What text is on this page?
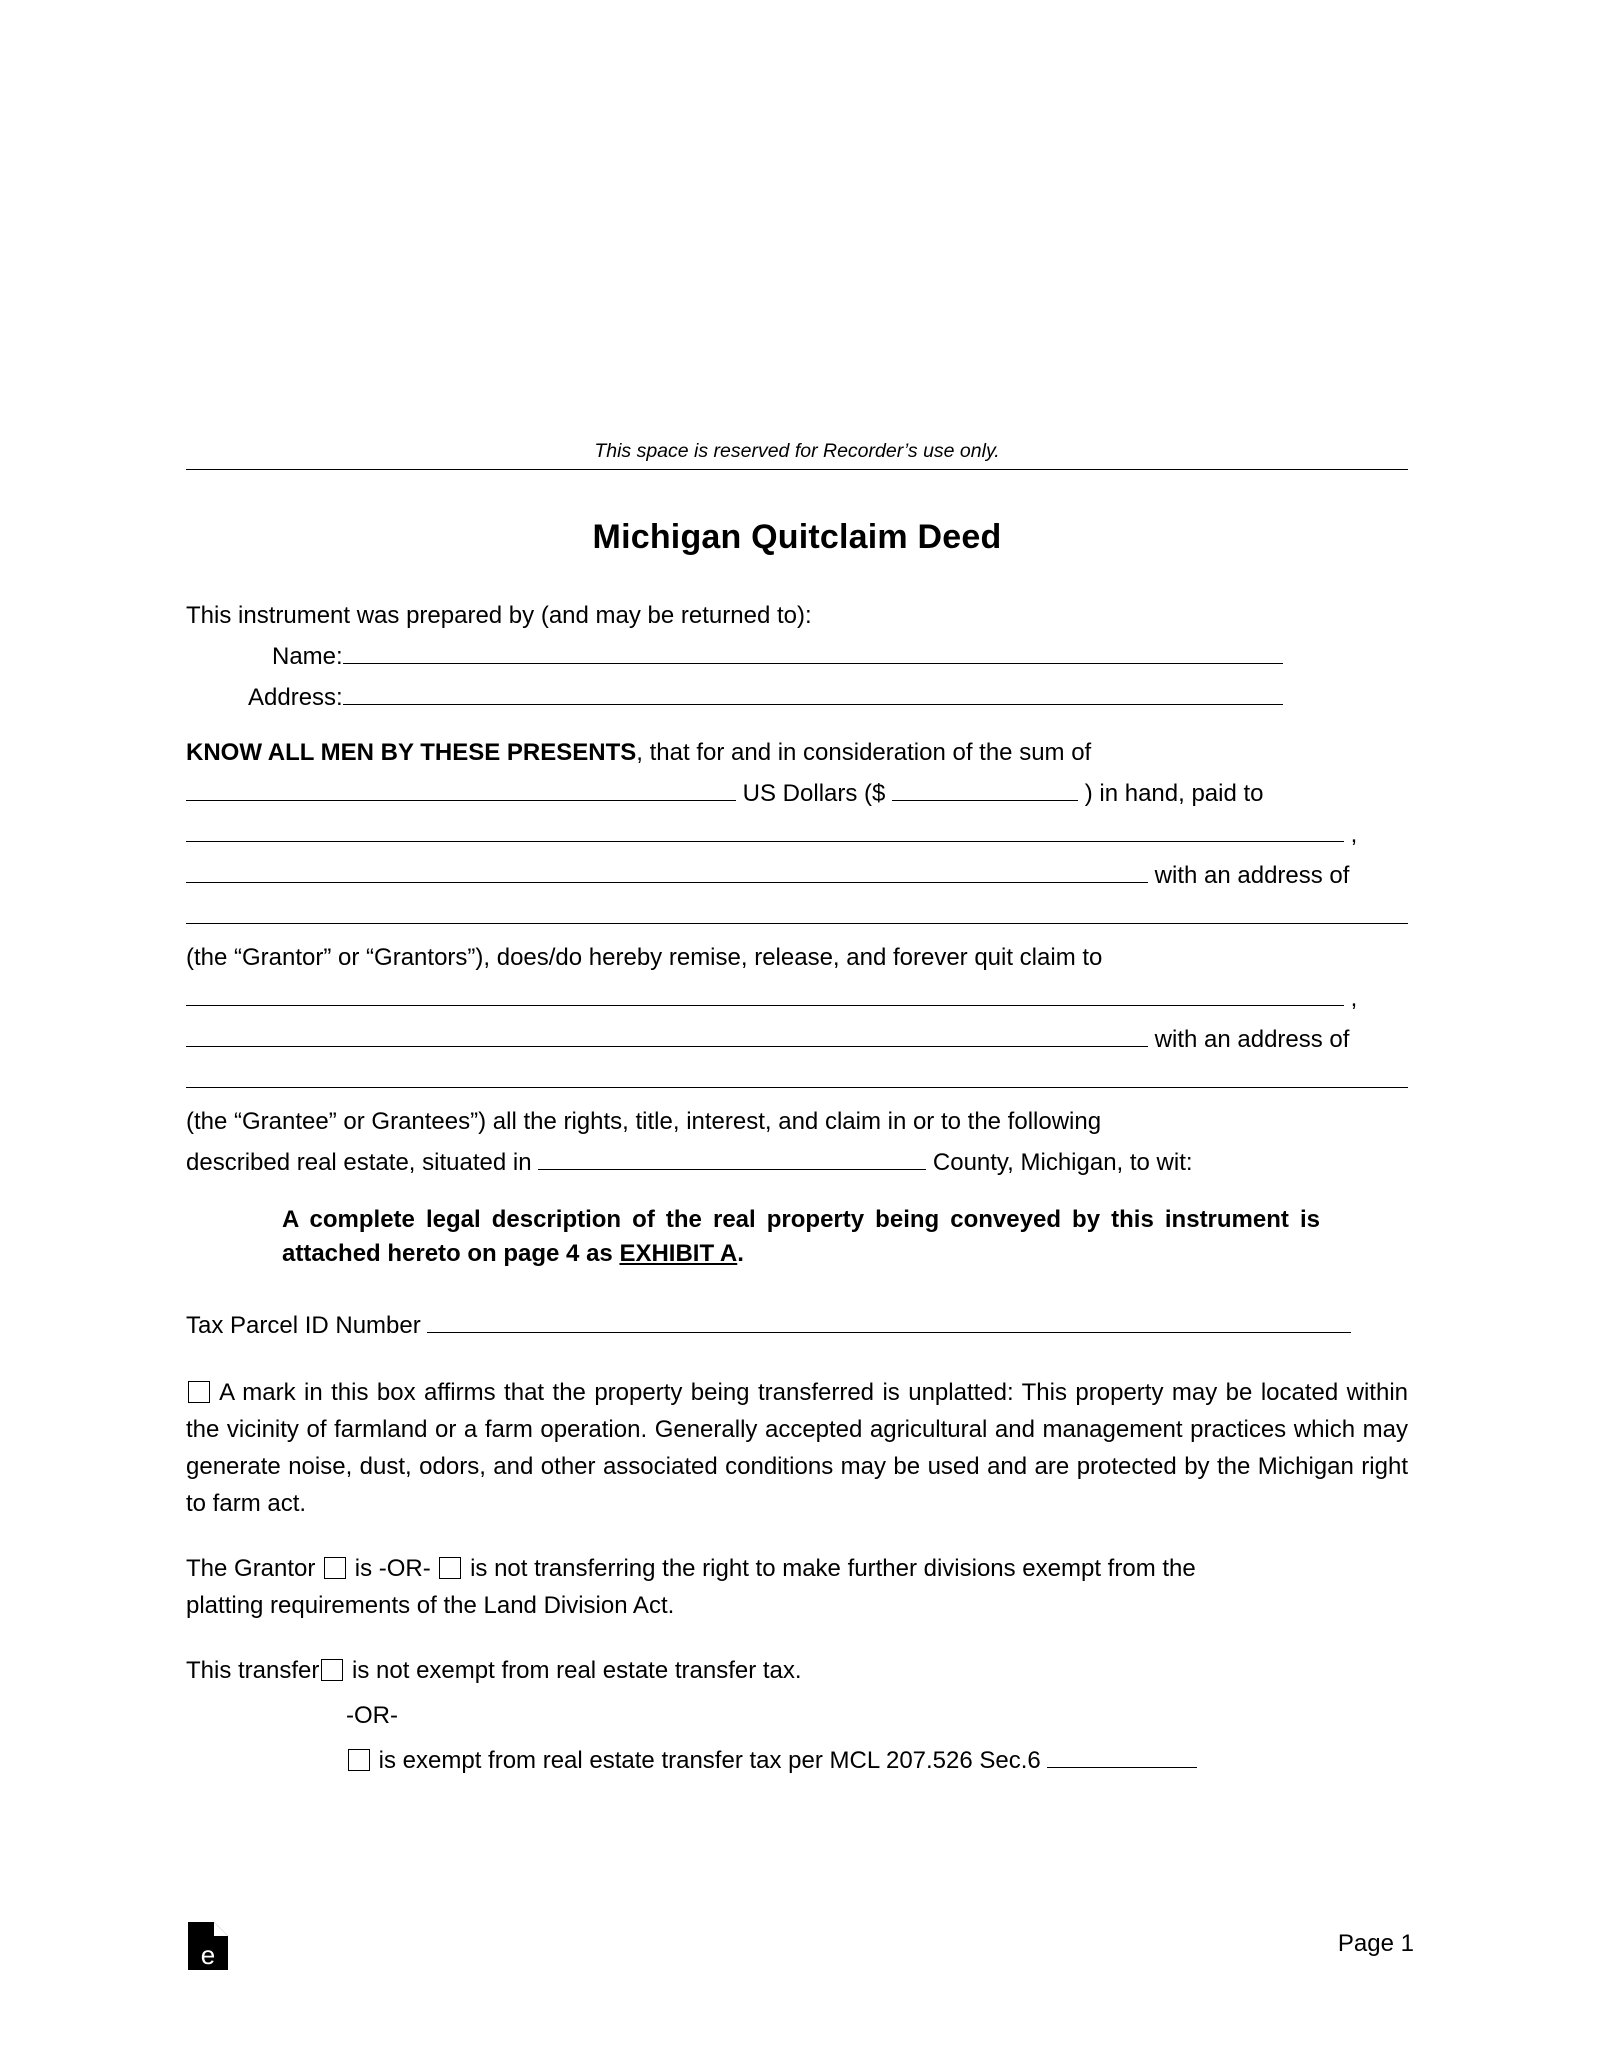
This space is reserved for Recorder’s use only.
Michigan Quitclaim Deed
This instrument was prepared by (and may be returned to):
Name:
Address:
KNOW ALL MEN BY THESE PRESENTS, that for and in consideration of the sum of
US Dollars ($	) in hand, paid to
,
with an address of
(the “Grantor” or “Grantors”), does/do hereby remise, release, and forever quit claim to
,
with an address of
(the “Grantee” or Grantees”) all the rights, title, interest, and claim in or to the following
described real estate, situated in	County, Michigan, to wit:
A complete legal description of the real property being conveyed by this instrument is attached hereto on page 4 as EXHIBIT A.
Tax Parcel ID Number
A mark in this box affirms that the property being transferred is unplatted: This property may be located within the vicinity of farmland or a farm operation. Generally accepted agricultural and management practices which may generate noise, dust, odors, and other associated conditions may be used and are protected by the Michigan right to farm act.
The Grantor is -OR- is not transferring the right to make further divisions exempt from the
platting requirements of the Land Division Act.
This transfer is not exempt from real estate transfer tax.
-OR-
is exempt from real estate transfer tax per MCL 207.526 Sec.6
e	Page 1
